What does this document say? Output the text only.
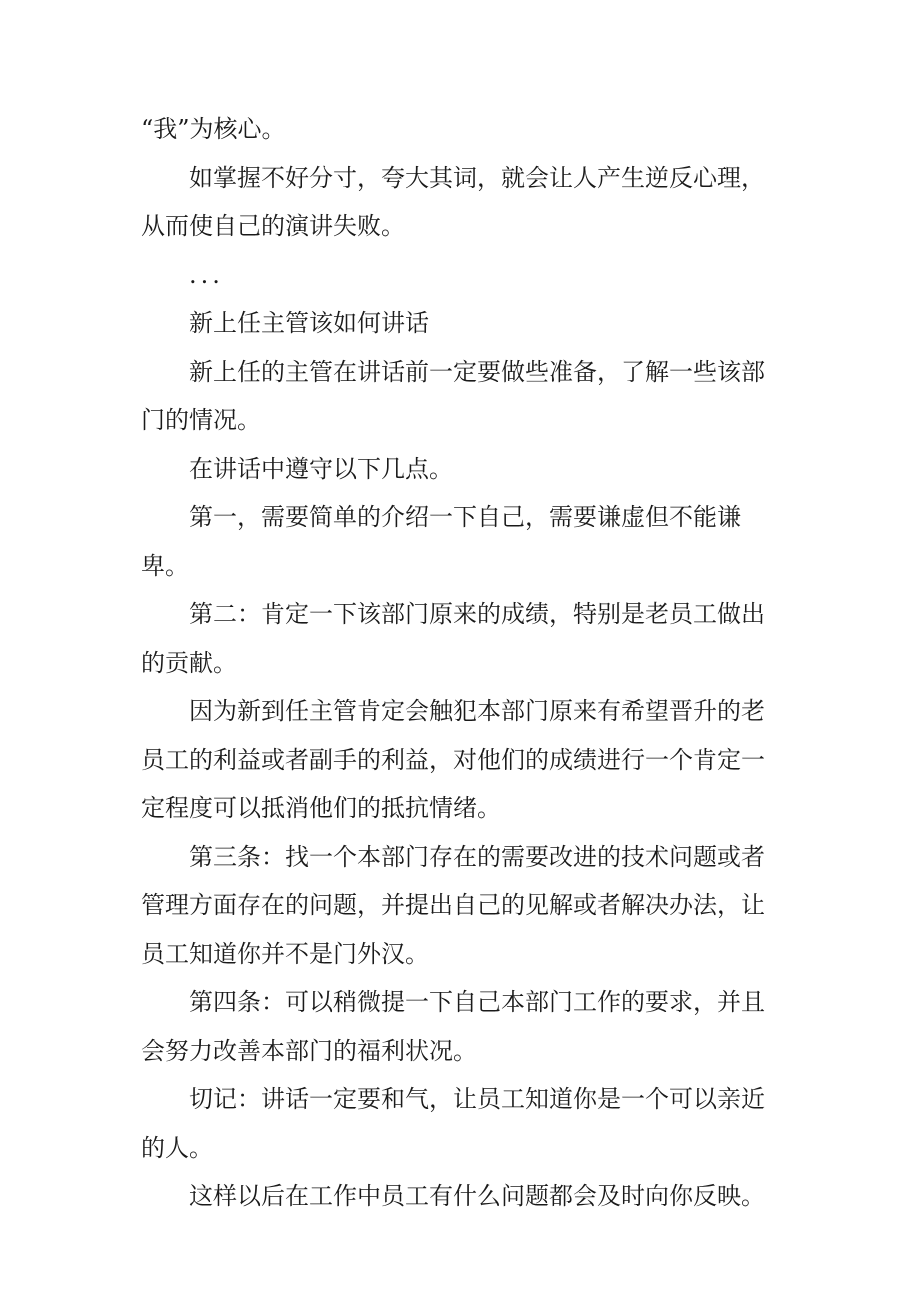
“我”为核心。

如掌握不好分寸，夸大其词，就会让人产生逆反心理，从而使自己的演讲失败。

...

新上任主管该如何讲话

新上任的主管在讲话前一定要做些准备，了解一些该部门的情况。

在讲话中遵守以下几点。

第一，需要简单的介绍一下自己，需要谦虚但不能谦卑。

第二：肯定一下该部门原来的成绩，特别是老员工做出的贡献。

因为新到任主管肯定会触犯本部门原来有希望晋升的老员工的利益或者副手的利益，对他们的成绩进行一个肯定一定程度可以抵消他们的抵抗情绪。

第三条：找一个本部门存在的需要改进的技术问题或者管理方面存在的问题，并提出自己的见解或者解决办法，让员工知道你并不是门外汉。

第四条：可以稍微提一下自己本部门工作的要求，并且会努力改善本部门的福利状况。

切记：讲话一定要和气，让员工知道你是一个可以亲近的人。

这样以后在工作中员工有什么问题都会及时向你反映。
